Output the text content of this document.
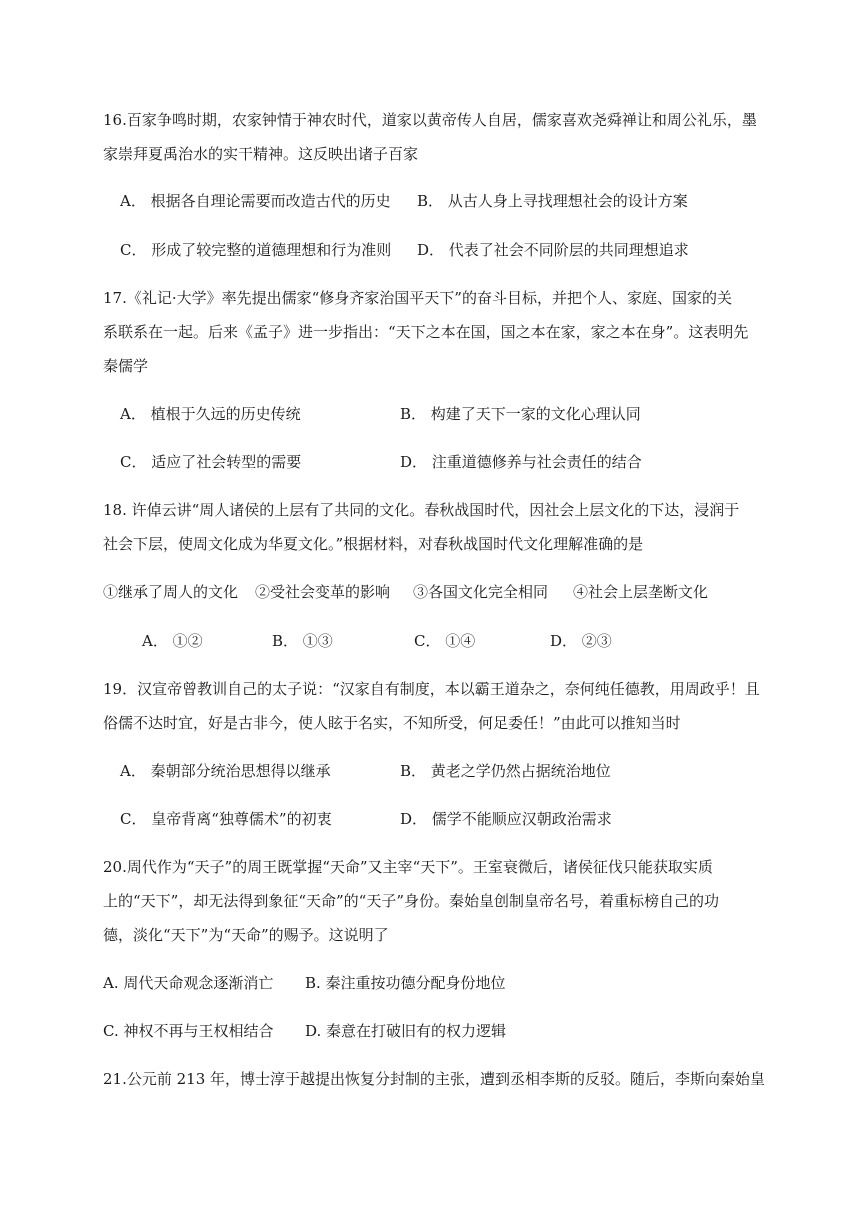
16.百家争鸣时期，农家钟情于神农时代，道家以黄帝传人自居，儒家喜欢尧舜禅让和周公礼乐，墨
家崇拜夏禹治水的实干精神。这反映出诸子百家
A． 根据各自理论需要而改造古代的历史 B． 从古人身上寻找理想社会的设计方案
C． 形成了较完整的道德理想和行为准则 D． 代表了社会不同阶层的共同理想追求
17.《礼记·大学》率先提出儒家“修身齐家治国平天下”的奋斗目标，并把个人、家庭、国家的关
系联系在一起。后来《孟子》进一步指出：“天下之本在国，国之本在家，家之本在身”。这表明先
秦儒学
A． 植根于久远的历史传统	B． 构建了天下一家的文化心理认同
C． 适应了社会转型的需要	D． 注重道德修养与社会责任的结合
18. 许倬云讲“周人诸侯的上层有了共同的文化。春秋战国时代，因社会上层文化的下达，浸润于
社会下层，使周文化成为华夏文化。”根据材料，对春秋战国时代文化理解准确的是
①继承了周人的文化 ②受社会变革的影响 ③各国文化完全相同 ④社会上层垄断文化
A． ①②	B． ①③	C． ①④	D． ②③
19．汉宣帝曾教训自己的太子说：“汉家自有制度，本以霸王道杂之，奈何纯任德教，用周政乎！且
俗儒不达时宜，好是古非今，使人眩于名实，不知所受，何足委任！”由此可以推知当时
A． 秦朝部分统治思想得以继承	B． 黄老之学仍然占据统治地位
C． 皇帝背离“独尊儒术”的初衷	D． 儒学不能顺应汉朝政治需求
20.周代作为“天子”的周王既掌握“天命”又主宰“天下”。王室衰微后，诸侯征伐只能获取实质
上的“天下”，却无法得到象征“天命”的“天子”身份。秦始皇创制皇帝名号，着重标榜自己的功
德，淡化“天下”为“天命”的赐予。这说明了
A. 周代天命观念逐渐消亡 B. 秦注重按功德分配身份地位
C. 神权不再与王权相结合 D. 秦意在打破旧有的权力逻辑
21.公元前 213 年，博士淳于越提出恢复分封制的主张，遭到丞相李斯的反驳。随后，李斯向秦始皇
